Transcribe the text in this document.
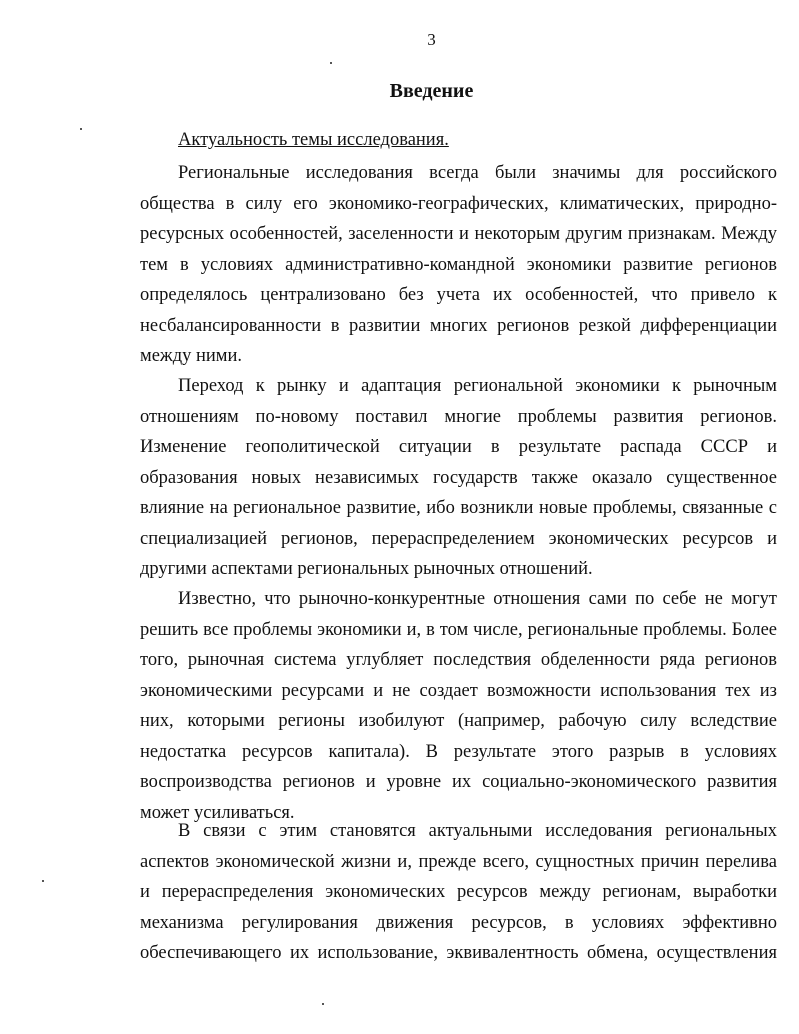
3
Введение
Актуальность темы исследования.
Региональные исследования всегда были значимы для российского
общества в силу его экономико-географических, климатических, природно-
ресурсных особенностей, заселенности и некоторым другим признакам. Между
тем в условиях административно-командной экономики развитие регионов
определялось централизовано без учета их особенностей, что привело к
несбалансированности в развитии многих регионов резкой дифференциации
между ними.
Переход к рынку и адаптация региональной экономики к рыночным
отношениям по-новому поставил многие проблемы развития регионов.
Изменение геополитической ситуации в результате распада СССР и
образования новых независимых государств также оказало существенное
влияние на региональное развитие, ибо возникли новые проблемы, связанные с
специализацией регионов, перераспределением экономических ресурсов и
другими аспектами региональных рыночных отношений.
Известно, что рыночно-конкурентные отношения сами по себе не могут
решить все проблемы экономики и, в том числе, региональные проблемы. Более
того, рыночная система углубляет последствия обделенности ряда регионов
экономическими ресурсами и не создает возможности использования тех из
них, которыми регионы изобилуют (например, рабочую силу вследствие
недостатка ресурсов капитала). В результате этого разрыв в условиях
воспроизводства регионов и уровне их социально-экономического развития
может усиливаться.
В связи с этим становятся актуальными исследования региональных
аспектов экономической жизни и, прежде всего, сущностных причин перелива
и перераспределения экономических ресурсов между регионам, выработки
механизма регулирования движения ресурсов, в условиях эффективно
обеспечивающего их использование, эквивалентность обмена, осуществления
